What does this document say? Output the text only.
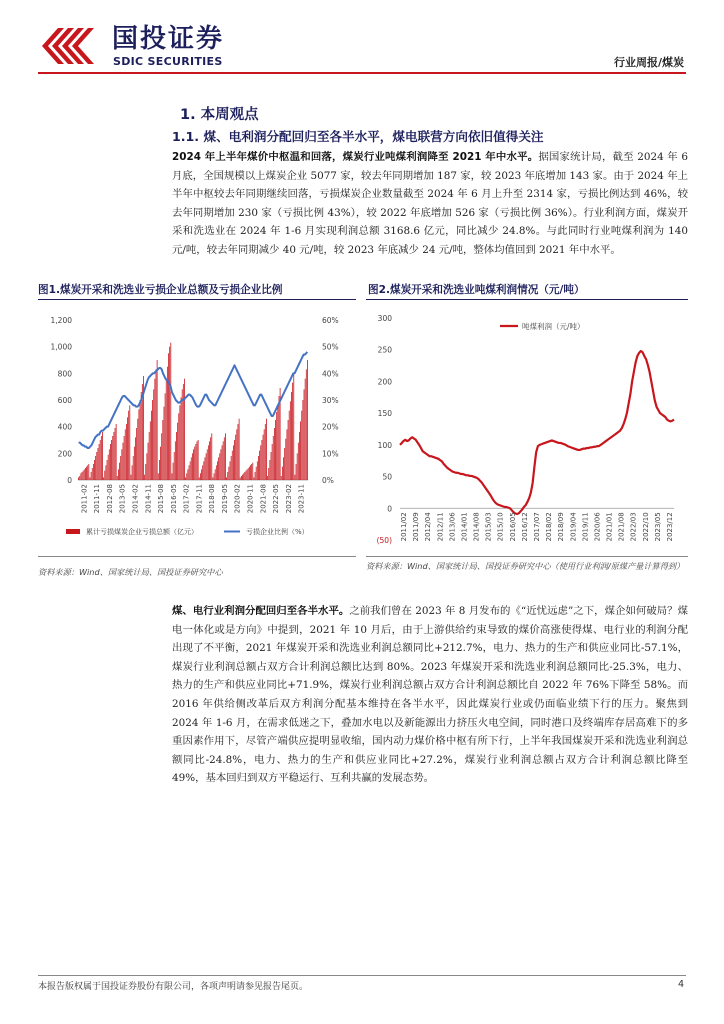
国投证券
SDIC SECURITIES	行业周报/煤炭
1. 本周观点
1.1. 煤、电利润分配回归至各半水平，煤电联营方向依旧值得关注
2024 年上半年煤价中枢温和回落，煤炭行业吨煤利润降至 2021 年中水平。据国家统计局，截至 2024 年 6 月底，全国规模以上煤炭企业 5077 家，较去年同期增加 187 家，较 2023 年底增加 143 家。由于 2024 年上半年中枢较去年同期继续回落，亏损煤炭企业数量截至 2024 年 6 月上升至 2314 家，亏损比例达到 46%，较去年同期增加 230 家（亏损比例 43%），较 2022 年底增加 526 家（亏损比例 36%）。行业利润方面，煤炭开采和洗选业在 2024 年 1-6 月实现利润总额 3168.6 亿元，同比减少 24.8%。与此同时行业吨煤利润为 140 元/吨，较去年同期减少 40 元/吨，较 2023 年底减少 24 元/吨，整体均值回到 2021 年中水平。
图1.煤炭开采和洗选业亏损企业总额及亏损企业比例	图2.煤炭开采和洗选业吨煤利润情况（元/吨）
0
200
400
600
800
1,000
1,200
0%
10%
20%
30%
40%
50%
60%
2011-02 2011-11 2012-08 2013-05 2014-02 2014-11 2015-08 2016-05 2017-02 2017-11 2018-08 2019-05 2020-02 2020-11 2021-08 2022-05 2023-02 2023-11
累计亏损煤炭企业亏损总额（亿元）	亏损企业比例（%）
(50)
0
50
100
150
200
250
300
2011/02 2011/09 2012/04 2012/11 2013/06 2014/01 2014/08 2015/03 2015/10 2016/05 2016/12 2017/07 2018/02 2018/09 2019/04 2019/11 2020/06 2021/01 2021/08 2022/03 2022/10 2023/05 2023/12
吨煤利润（元/吨）
资料来源：Wind、国家统计局、国投证券研究中心
资料来源：Wind、国家统计局、国投证券研究中心（使用行业利润/原煤产量计算得到）
煤、电行业利润分配回归至各半水平。之前我们曾在 2023 年 8 月发布的《“近忧远虑”之下，煤企如何破局？煤电一体化或是方向》中提到，2021 年 10 月后，由于上游供给约束导致的煤价高涨使得煤、电行业的利润分配出现了不平衡，2021 年煤炭开采和洗选业利润总额同比+212.7%，电力、热力的生产和供应业同比-57.1%，煤炭行业利润总额占双方合计利润总额比达到 80%。2023 年煤炭开采和洗选业利润总额同比-25.3%，电力、热力的生产和供应业同比+71.9%，煤炭行业利润总额占双方合计利润总额比自 2022 年 76%下降至 58%。而 2016 年供给侧改革后双方利润分配基本维持在各半水平，因此煤炭行业或仍面临业绩下行的压力。聚焦到 2024 年 1-6 月，在需求低迷之下，叠加水电以及新能源出力挤压火电空间，同时港口及终端库存居高难下的多重因素作用下，尽管产端供应提明显收缩，国内动力煤价格中枢有所下行，上半年我国煤炭开采和洗选业利润总额同比-24.8%，电力、热力的生产和供应业同比+27.2%，煤炭行业利润总额占双方合计利润总额比降至 49%，基本回归到双方平稳运行、互利共赢的发展态势。
本报告版权属于国投证券股份有限公司，各项声明请参见报告尾页。	4
